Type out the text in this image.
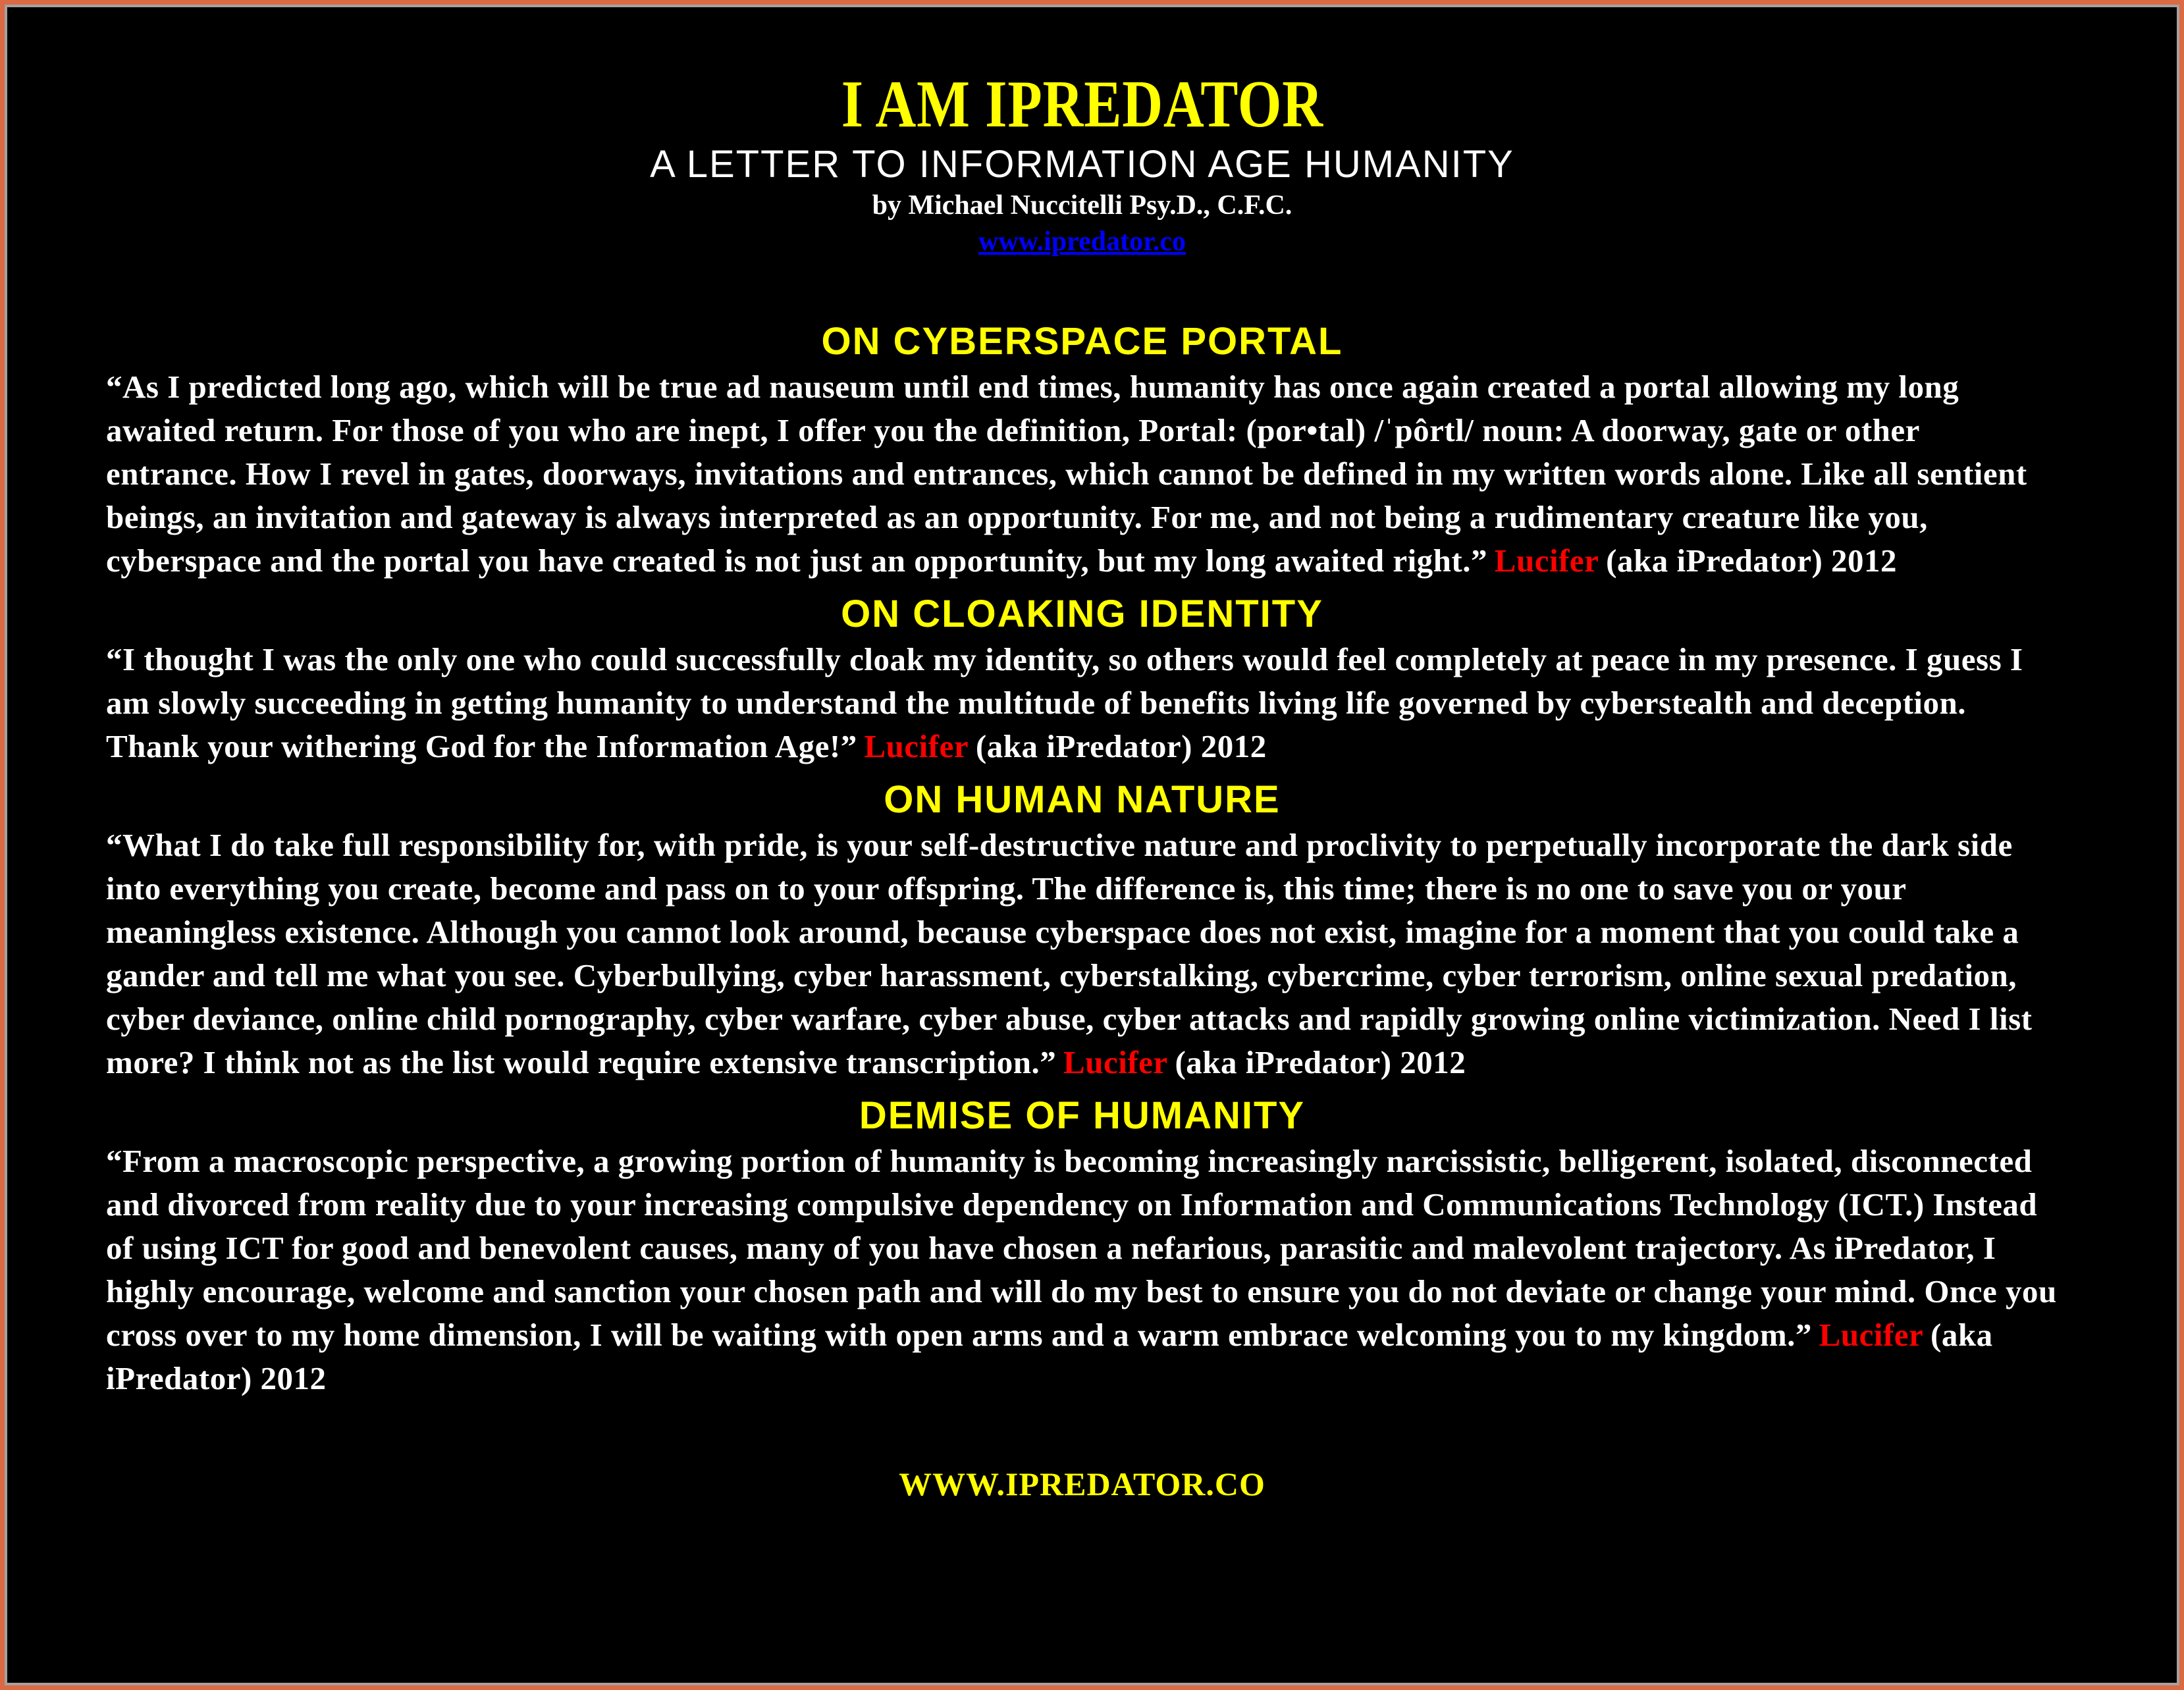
I AM IPREDATOR
A LETTER TO INFORMATION AGE HUMANITY
by Michael Nuccitelli Psy.D., C.F.C.
www.ipredator.co
ON CYBERSPACE PORTAL

“As I predicted long ago, which will be true ad nauseum until end times, humanity has once again created a portal allowing my long awaited return. For those of you who are inept, I offer you the definition, Portal: (por•tal) /ˈpôrtl/ noun: A doorway, gate or other entrance. How I revel in gates, doorways, invitations and entrances, which cannot be defined in my written words alone. Like all sentient beings, an invitation and gateway is always interpreted as an opportunity. For me, and not being a rudimentary creature like you, cyberspace and the portal you have created is not just an opportunity, but my long awaited right.” Lucifer (aka iPredator) 2012

ON CLOAKING IDENTITY

“I thought I was the only one who could successfully cloak my identity, so others would feel completely at peace in my presence. I guess I am slowly succeeding in getting humanity to understand the multitude of benefits living life governed by cyberstealth and deception. Thank your withering God for the Information Age!” Lucifer (aka iPredator) 2012

ON HUMAN NATURE

“What I do take full responsibility for, with pride, is your self-destructive nature and proclivity to perpetually incorporate the dark side into everything you create, become and pass on to your offspring. The difference is, this time; there is no one to save you or your meaningless existence. Although you cannot look around, because cyberspace does not exist, imagine for a moment that you could take a gander and tell me what you see. Cyberbullying, cyber harassment, cyberstalking, cybercrime, cyber terrorism, online sexual predation, cyber deviance, online child pornography, cyber warfare, cyber abuse, cyber attacks and rapidly growing online victimization. Need I list more? I think not as the list would require extensive transcription.” Lucifer (aka iPredator) 2012

DEMISE OF HUMANITY

“From a macroscopic perspective, a growing portion of humanity is becoming increasingly narcissistic, belligerent, isolated, disconnected and divorced from reality due to your increasing compulsive dependency on Information and Communications Technology (ICT.) Instead of using ICT for good and benevolent causes, many of you have chosen a nefarious, parasitic and malevolent trajectory. As iPredator, I highly encourage, welcome and sanction your chosen path and will do my best to ensure you do not deviate or change your mind. Once you cross over to my home dimension, I will be waiting with open arms and a warm embrace welcoming you to my kingdom.” Lucifer (aka iPredator) 2012

WWW.IPREDATOR.CO
